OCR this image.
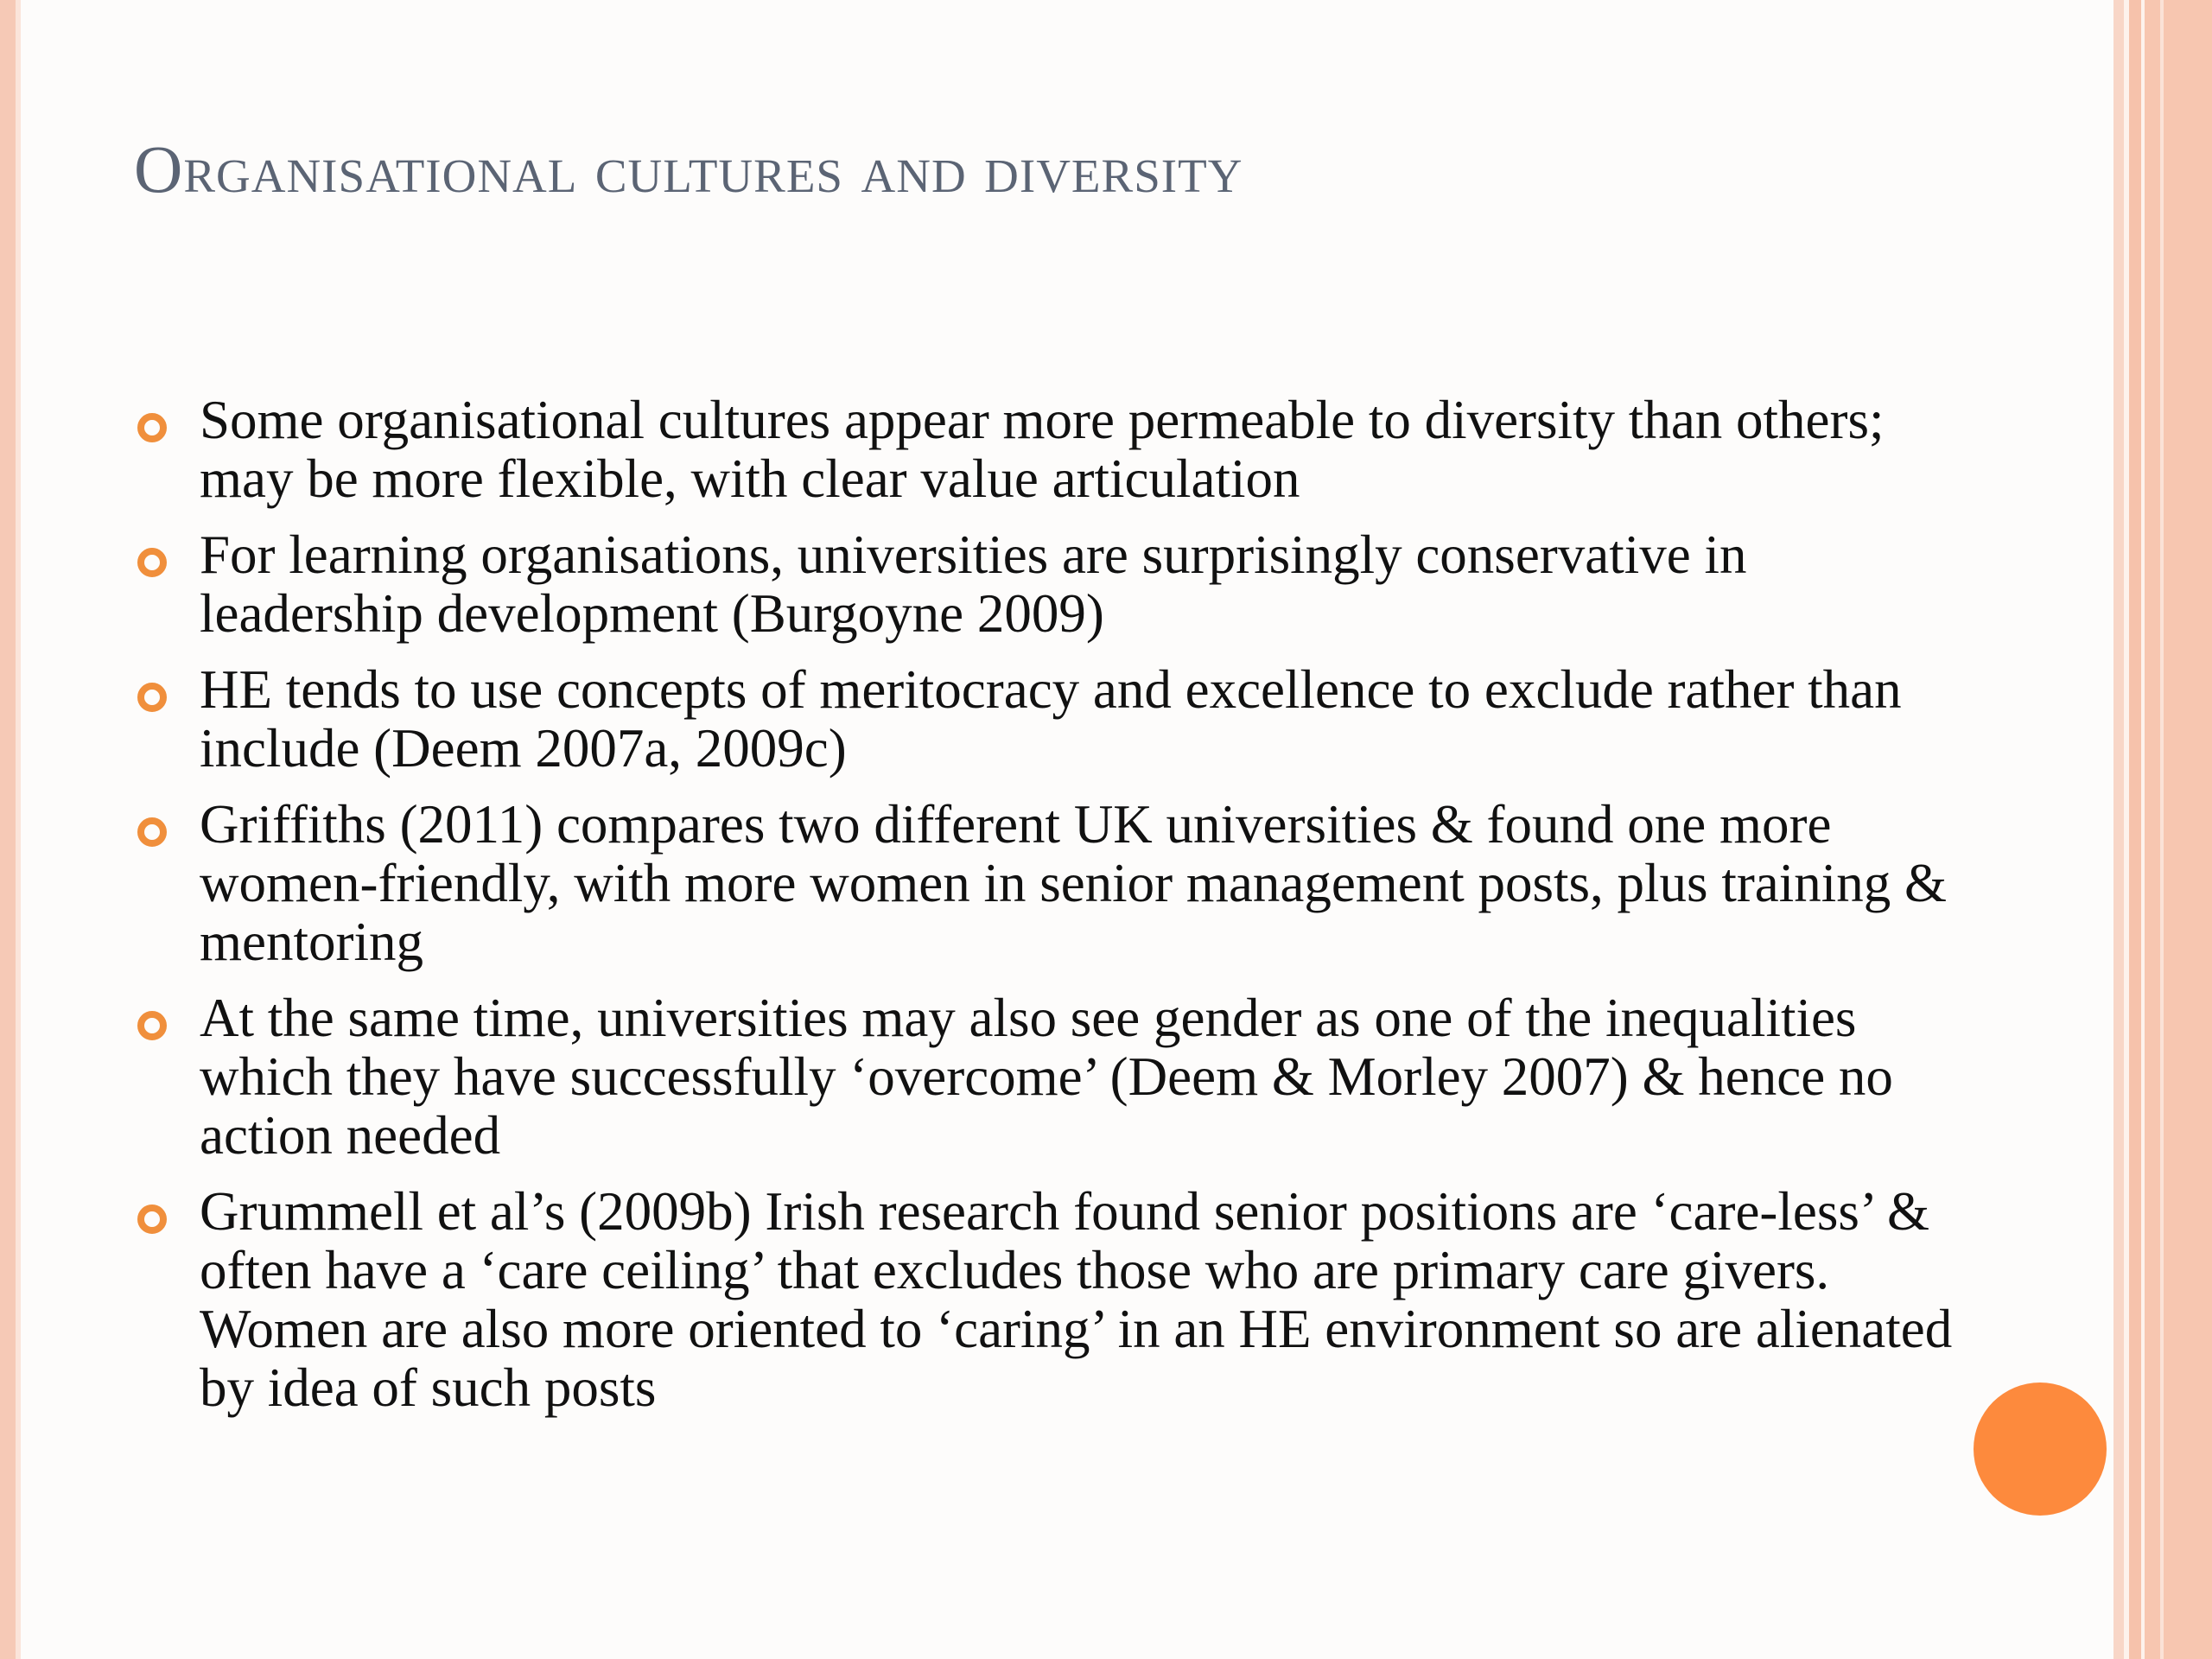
Organisational cultures and diversity
Some organisational cultures appear more permeable to diversity than others; may be more flexible, with clear value articulation
For learning organisations, universities are surprisingly conservative in leadership development (Burgoyne 2009)
HE tends to use concepts of meritocracy and excellence to exclude rather than include (Deem 2007a, 2009c)
Griffiths (2011) compares two different UK universities & found one more women-friendly, with more women in senior management posts, plus training & mentoring
At the same time, universities may also see gender as one of the inequalities which they have successfully ‘overcome’ (Deem & Morley 2007) & hence no action needed
Grummell et al’s (2009b) Irish research found senior positions are ‘care-less’ & often have a ‘care ceiling’ that excludes those who are primary care givers. Women are also more oriented to ‘caring’ in an HE environment so are alienated by idea of such posts
